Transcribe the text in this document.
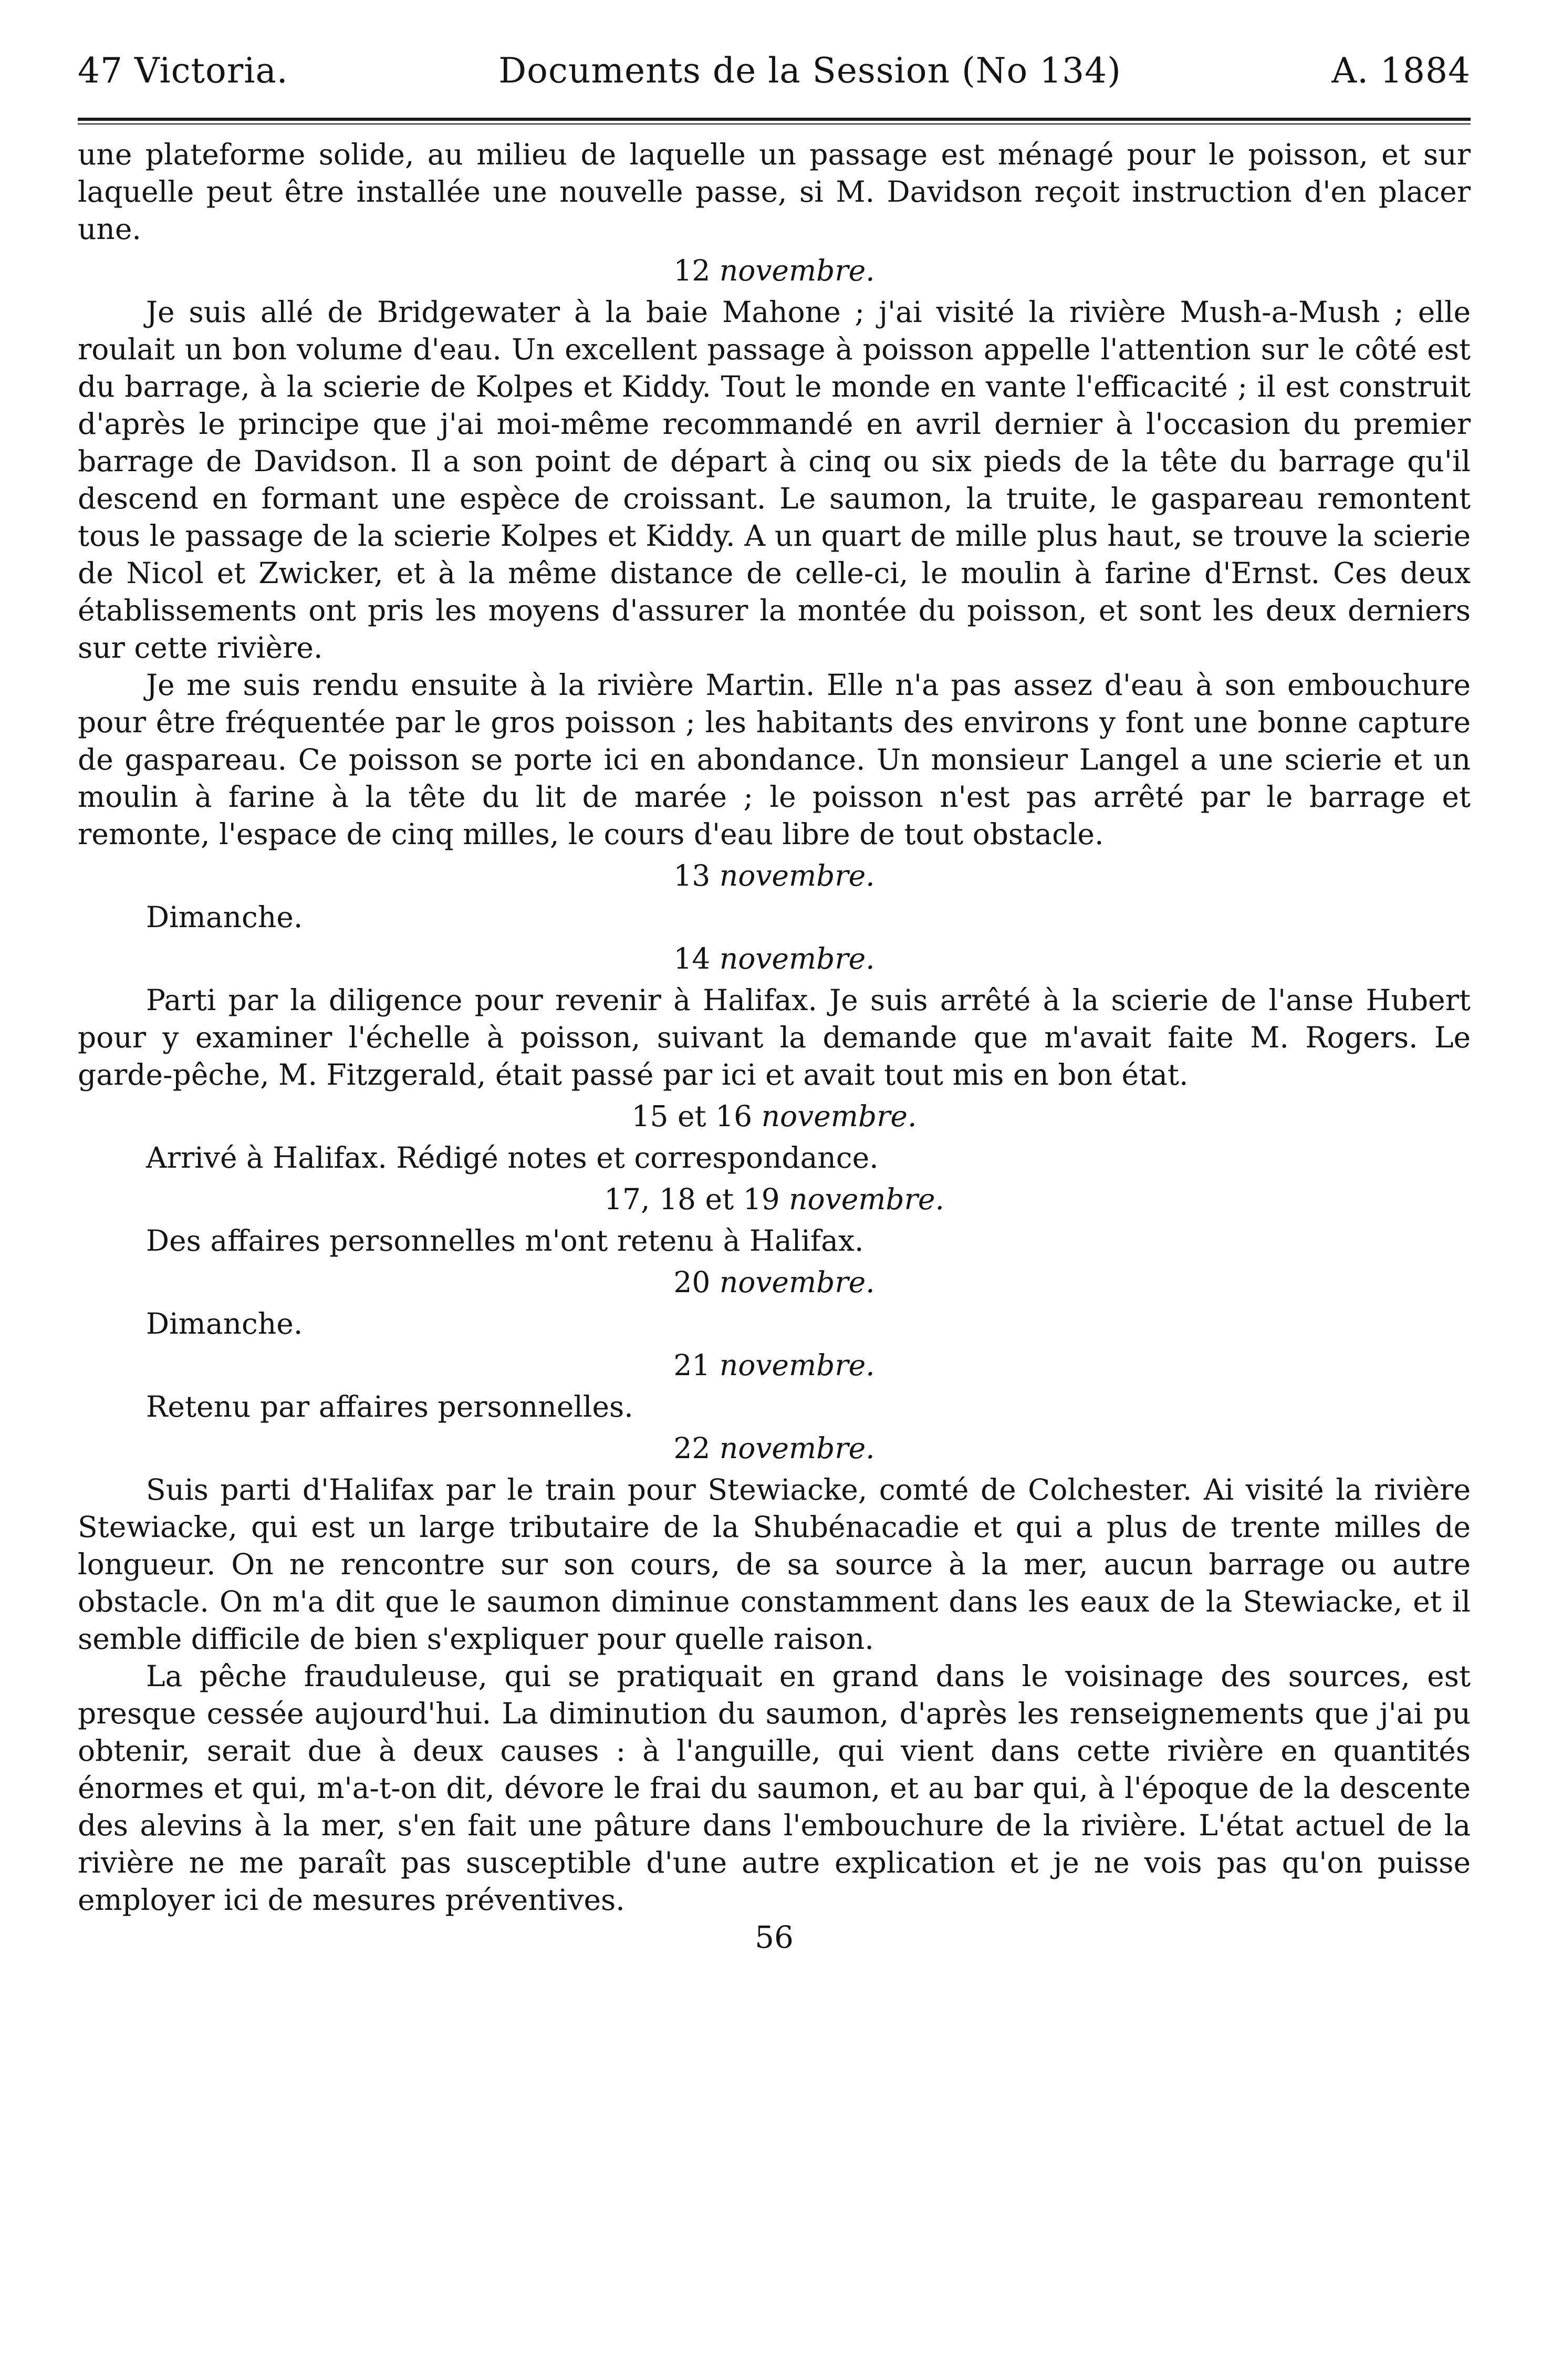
47 Victoria.	Documents de la Session (No 134)	A. 1884

une plateforme solide, au milieu de laquelle un passage est ménagé pour le poisson, et sur laquelle peut être installée une nouvelle passe, si M. Davidson reçoit instruction d'en placer une.

12 novembre.

Je suis allé de Bridgewater à la baie Mahone ; j'ai visité la rivière Mush-a-Mush ; elle roulait un bon volume d'eau. Un excellent passage à poisson appelle l'attention sur le côté est du barrage, à la scierie de Kolpes et Kiddy. Tout le monde en vante l'efficacité ; il est construit d'après le principe que j'ai moi-même recommandé en avril dernier à l'occasion du premier barrage de Davidson. Il a son point de départ à cinq ou six pieds de la tête du barrage qu'il descend en formant une espèce de croissant. Le saumon, la truite, le gaspareau remontent tous le passage de la scierie Kolpes et Kiddy. A un quart de mille plus haut, se trouve la scierie de Nicol et Zwicker, et à la même distance de celle-ci, le moulin à farine d'Ernst. Ces deux établissements ont pris les moyens d'assurer la montée du poisson, et sont les deux derniers sur cette rivière.

Je me suis rendu ensuite à la rivière Martin. Elle n'a pas assez d'eau à son embouchure pour être fréquentée par le gros poisson ; les habitants des environs y font une bonne capture de gaspareau. Ce poisson se porte ici en abondance. Un monsieur Langel a une scierie et un moulin à farine à la tête du lit de marée ; le poisson n'est pas arrêté par le barrage et remonte, l'espace de cinq milles, le cours d'eau libre de tout obstacle.

13 novembre.

Dimanche.

14 novembre.

Parti par la diligence pour revenir à Halifax. Je suis arrêté à la scierie de l'anse Hubert pour y examiner l'échelle à poisson, suivant la demande que m'avait faite M. Rogers. Le garde-pêche, M. Fitzgerald, était passé par ici et avait tout mis en bon état.

15 et 16 novembre.

Arrivé à Halifax. Rédigé notes et correspondance.

17, 18 et 19 novembre.

Des affaires personnelles m'ont retenu à Halifax.

20 novembre.

Dimanche.

21 novembre.

Retenu par affaires personnelles.

22 novembre.

Suis parti d'Halifax par le train pour Stewiacke, comté de Colchester. Ai visité la rivière Stewiacke, qui est un large tributaire de la Shubénacadie et qui a plus de trente milles de longueur. On ne rencontre sur son cours, de sa source à la mer, aucun barrage ou autre obstacle. On m'a dit que le saumon diminue constamment dans les eaux de la Stewiacke, et il semble difficile de bien s'expliquer pour quelle raison.

La pêche frauduleuse, qui se pratiquait en grand dans le voisinage des sources, est presque cessée aujourd'hui. La diminution du saumon, d'après les renseignements que j'ai pu obtenir, serait due à deux causes : à l'anguille, qui vient dans cette rivière en quantités énormes et qui, m'a-t-on dit, dévore le frai du saumon, et au bar qui, à l'époque de la descente des alevins à la mer, s'en fait une pâture dans l'embouchure de la rivière. L'état actuel de la rivière ne me paraît pas susceptible d'une autre explication et je ne vois pas qu'on puisse employer ici de mesures préventives.

56
